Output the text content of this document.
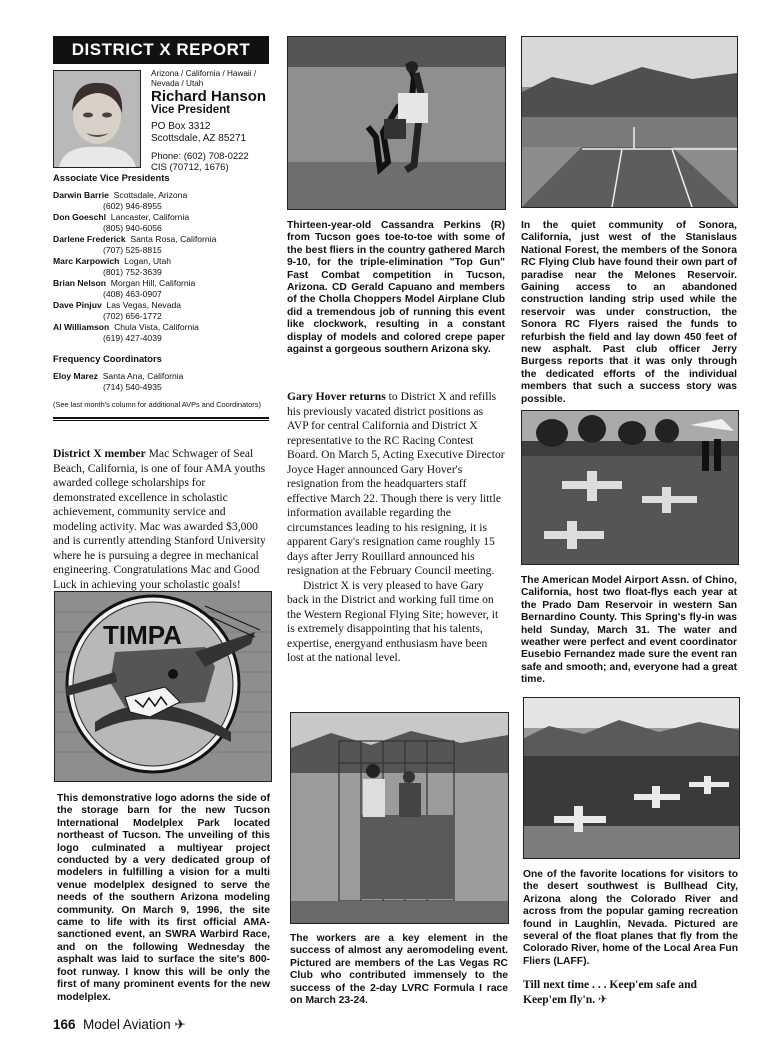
DISTRICT X REPORT
Arizona / California / Hawaii / Nevada / Utah
Richard Hanson
Vice President
PO Box 3312
Scottsdale, AZ 85271
Phone: (602) 708-0222
CIS (70712, 1676)
Associate Vice Presidents
Darwin Barrie Scottsdale, Arizona
(602) 946-8955
Don Goeschl Lancaster, California
(805) 940-6056
Darlene Frederick Santa Rosa, California
(707) 525-8815
Marc Karpowich Logan, Utah
(801) 752-3639
Brian Nelson Morgan Hill, California
(408) 463-0907
Dave Pinjuv Las Vegas, Nevada
(702) 656-1772
Al Williamson Chula Vista, California
(619) 427-4039
Frequency Coordinators
Eloy Marez Santa Ana, California
(714) 540-4935
(See last month's column for additional AVPs and Coordinators)
District X member Mac Schwager of Seal Beach, California, is one of four AMA youths awarded college scholarships for demonstrated excellence in scholastic achievement, community service and modeling activity. Mac was awarded $3,000 and is currently attending Stanford University where he is pursuing a degree in mechanical engineering. Congratulations Mac and Good Luck in achieving your scholastic goals!
TIMPA
This demonstrative logo adorns the side of the storage barn for the new Tucson International Modelplex Park located northeast of Tucson. The unveiling of this logo culminated a multiyear project conducted by a very dedicated group of modelers in fulfilling a vision for a multi venue modelplex designed to serve the needs of the southern Arizona modeling community. On March 9, 1996, the site came to life with its first official AMA-sanctioned event, an SWRA Warbird Race, and on the following Wednesday the asphalt was laid to surface the site's 800-foot runway. I know this will be only the first of many prominent events for the new modelplex.
166 Model Aviation ✈
Thirteen-year-old Cassandra Perkins (R) from Tucson goes toe-to-toe with some of the best fliers in the country gathered March 9-10, for the triple-elimination "Top Gun" Fast Combat competition in Tucson, Arizona. CD Gerald Capuano and members of the Cholla Choppers Model Airplane Club did a tremendous job of running this event like clockwork, resulting in a constant display of models and colored crepe paper against a gorgeous southern Arizona sky.
Gary Hover returns to District X and refills his previously vacated district positions as AVP for central California and District X representative to the RC Racing Contest Board. On March 5, Acting Executive Director Joyce Hager announced Gary Hover's resignation from the headquarters staff effective March 22. Though there is very little information available regarding the circumstances leading to his resigning, it is apparent Gary's resignation came roughly 15 days after Jerry Rouillard announced his resignation at the February Council meeting.
District X is very pleased to have Gary back in the District and working full time on the Western Regional Flying Site; however, it is extremely disappointing that his talents, expertise, energyand enthusiasm have been lost at the national level.
The workers are a key element in the success of almost any aeromodeling event. Pictured are members of the Las Vegas RC Club who contributed immensely to the success of the 2-day LVRC Formula I race on March 23-24.
In the quiet community of Sonora, California, just west of the Stanislaus National Forest, the members of the Sonora RC Flying Club have found their own part of paradise near the Melones Reservoir. Gaining access to an abandoned construction landing strip used while the reservoir was under construction, the Sonora RC Flyers raised the funds to refurbish the field and lay down 450 feet of new asphalt. Past club officer Jerry Burgess reports that it was only through the dedicated efforts of the individual members that such a success story was possible.
The American Model Airport Assn. of Chino, California, host two float-flys each year at the Prado Dam Reservoir in western San Bernardino County. This Spring's fly-in was held Sunday, March 31. The water and weather were perfect and event coordinator Eusebio Fernandez made sure the event ran safe and smooth; and, everyone had a great time.
One of the favorite locations for visitors to the desert southwest is Bullhead City, Arizona along the Colorado River and across from the popular gaming recreation found in Laughlin, Nevada. Pictured are several of the float planes that fly from the Colorado River, home of the Local Area Fun Fliers (LAFF).
Till next time . . . Keep'em safe and Keep'em fly'n. ✈
